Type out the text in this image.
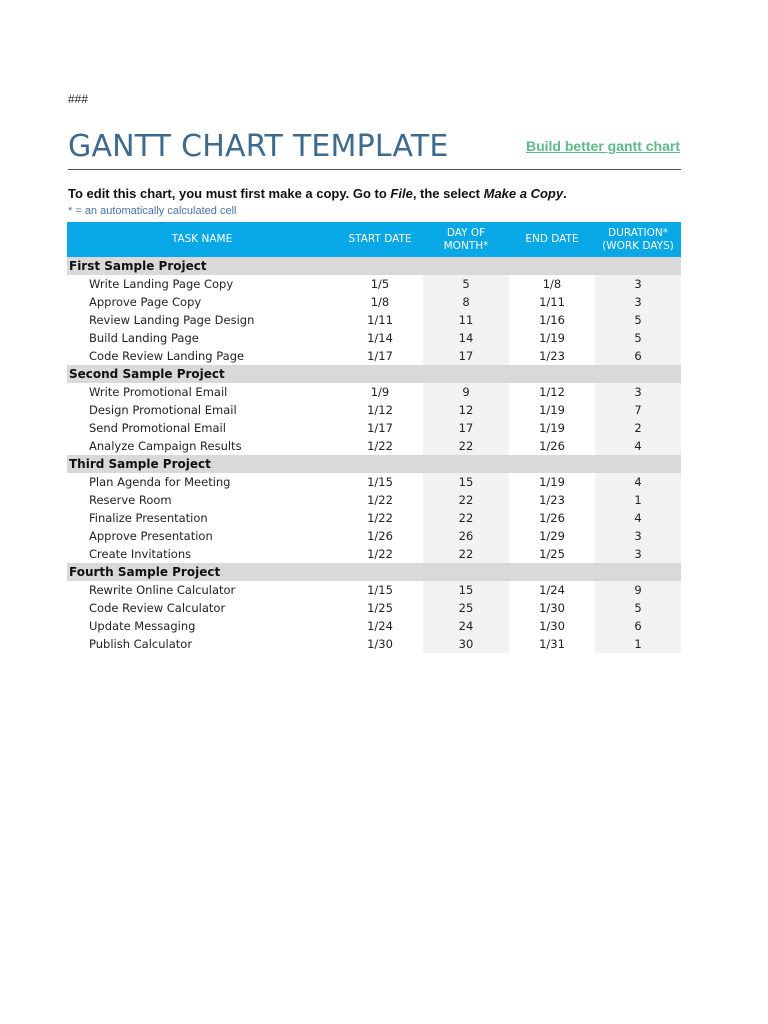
###
GANTT CHART TEMPLATE	Build better gantt chart
To edit this chart, you must first make a copy. Go to File, the select Make a Copy.
* = an automatically calculated cell
TASK NAME	START DATE	DAY OF MONTH*	END DATE	DURATION* (WORK DAYS)
First Sample Project				
Write Landing Page Copy	1/5	5	1/8	3
Approve Page Copy	1/8	8	1/11	3
Review Landing Page Design	1/11	11	1/16	5
Build Landing Page	1/14	14	1/19	5
Code Review Landing Page	1/17	17	1/23	6
Second Sample Project				
Write Promotional Email	1/9	9	1/12	3
Design Promotional Email	1/12	12	1/19	7
Send Promotional Email	1/17	17	1/19	2
Analyze Campaign Results	1/22	22	1/26	4
Third Sample Project				
Plan Agenda for Meeting	1/15	15	1/19	4
Reserve Room	1/22	22	1/23	1
Finalize Presentation	1/22	22	1/26	4
Approve Presentation	1/26	26	1/29	3
Create Invitations	1/22	22	1/25	3
Fourth Sample Project				
Rewrite Online Calculator	1/15	15	1/24	9
Code Review Calculator	1/25	25	1/30	5
Update Messaging	1/24	24	1/30	6
Publish Calculator	1/30	30	1/31	1
